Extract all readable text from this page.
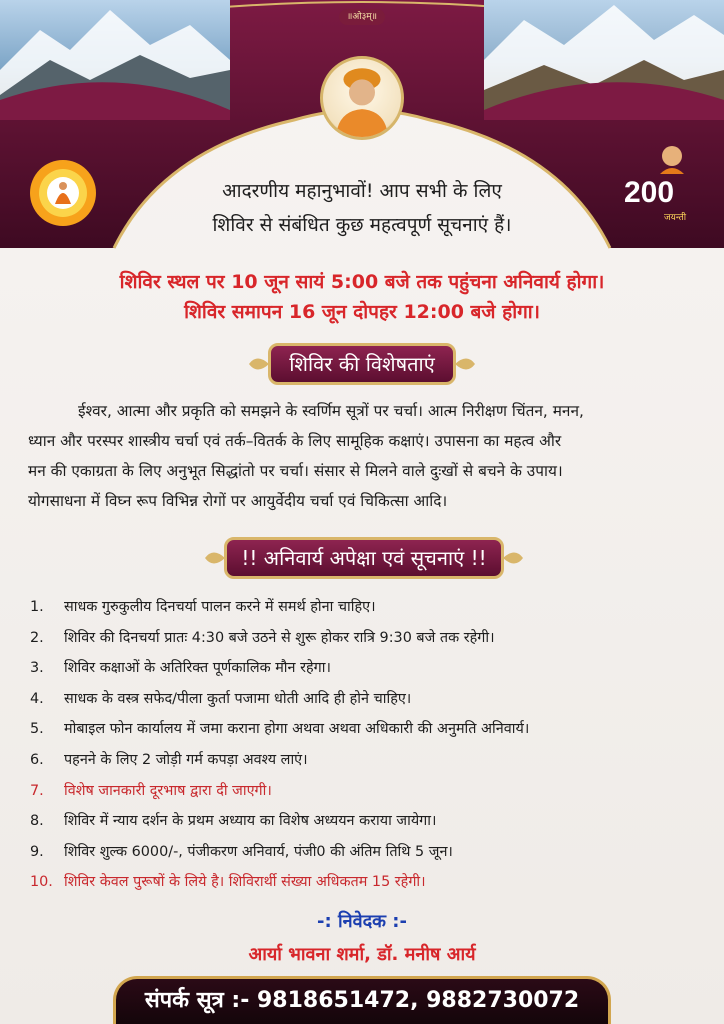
॥ओ३म्॥
200
जयन्ती
आदरणीय महानुभावों! आप सभी के लिए
शिविर से संबंधित कुछ महत्वपूर्ण सूचनाएं हैं।
शिविर स्थल पर 10 जून सायं 5:00 बजे तक पहुंचना अनिवार्य होगा।
शिविर समापन 16 जून दोपहर 12:00 बजे होगा।
शिविर की विशेषताएं
ईश्वर, आत्मा और प्रकृति को समझने के स्वर्णिम सूत्रों पर चर्चा। आत्म निरीक्षण चिंतन, मनन,
ध्यान और परस्पर शास्त्रीय चर्चा एवं तर्क–वितर्क के लिए सामूहिक कक्षाएं। उपासना का महत्व और
मन की एकाग्रता के लिए अनुभूत सिद्धांतो पर चर्चा। संसार से मिलने वाले दुःखों से बचने के उपाय।
योगसाधना में विघ्न रूप विभिन्न रोगों पर आयुर्वेदीय चर्चा एवं चिकित्सा आदि।
!! अनिवार्य अपेक्षा एवं सूचनाएं !!
1. साधक गुरुकुलीय दिनचर्या पालन करने में समर्थ होना चाहिए।
2. शिविर की दिनचर्या प्रातः 4:30 बजे उठने से शुरू होकर रात्रि 9:30 बजे तक रहेगी।
3. शिविर कक्षाओं के अतिरिक्त पूर्णकालिक मौन रहेगा।
4. साधक के वस्त्र सफेद/पीला कुर्ता पजामा धोती आदि ही होने चाहिए।
5. मोबाइल फोन कार्यालय में जमा कराना होगा अथवा अथवा अधिकारी की अनुमति अनिवार्य।
6. पहनने के लिए 2 जोड़ी गर्म कपड़ा अवश्य लाएं।
7. विशेष जानकारी दूरभाष द्वारा दी जाएगी।
8. शिविर में न्याय दर्शन के प्रथम अध्याय का विशेष अध्ययन कराया जायेगा।
9. शिविर शुल्क 6000/-, पंजीकरण अनिवार्य, पंजी0 की अंतिम तिथि 5 जून।
10. शिविर केवल पुरूषों के लिये है। शिविरार्थी संख्या अधिकतम 15 रहेगी।
-: निवेदक :-
आर्या भावना शर्मा, डॉ. मनीष आर्य
संपर्क सूत्र :- 9818651472, 9882730072
